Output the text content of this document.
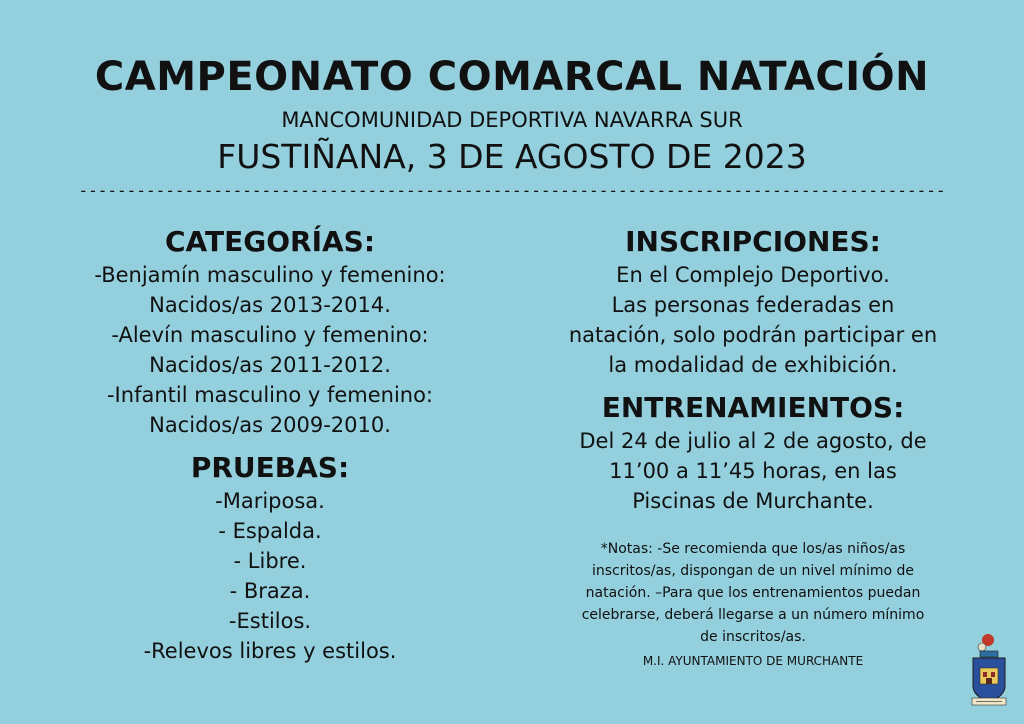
CAMPEONATO COMARCAL NATACIÓN
MANCOMUNIDAD DEPORTIVA NAVARRA SUR
FUSTIÑANA, 3 DE AGOSTO DE 2023
------------------------------------------------------------------------------------------
CATEGORÍAS:
-Benjamín masculino y femenino:
Nacidos/as 2013-2014.
-Alevín masculino y femenino:
Nacidos/as 2011-2012.
-Infantil masculino y femenino:
Nacidos/as 2009-2010.
PRUEBAS:
-Mariposa.
- Espalda.
- Libre.
- Braza.
-Estilos.
-Relevos libres y estilos.
INSCRIPCIONES:
En el Complejo Deportivo.
Las personas federadas en
natación, solo podrán participar en
la modalidad de exhibición.
ENTRENAMIENTOS:
Del 24 de julio al 2 de agosto, de
11’00 a 11’45 horas, en las
Piscinas de Murchante.
*Notas: -Se recomienda que los/as niños/as
inscritos/as, dispongan de un nivel mínimo de
natación. –Para que los entrenamientos puedan
celebrarse, deberá llegarse a un número mínimo
de inscritos/as.
M.I. AYUNTAMIENTO DE MURCHANTE
